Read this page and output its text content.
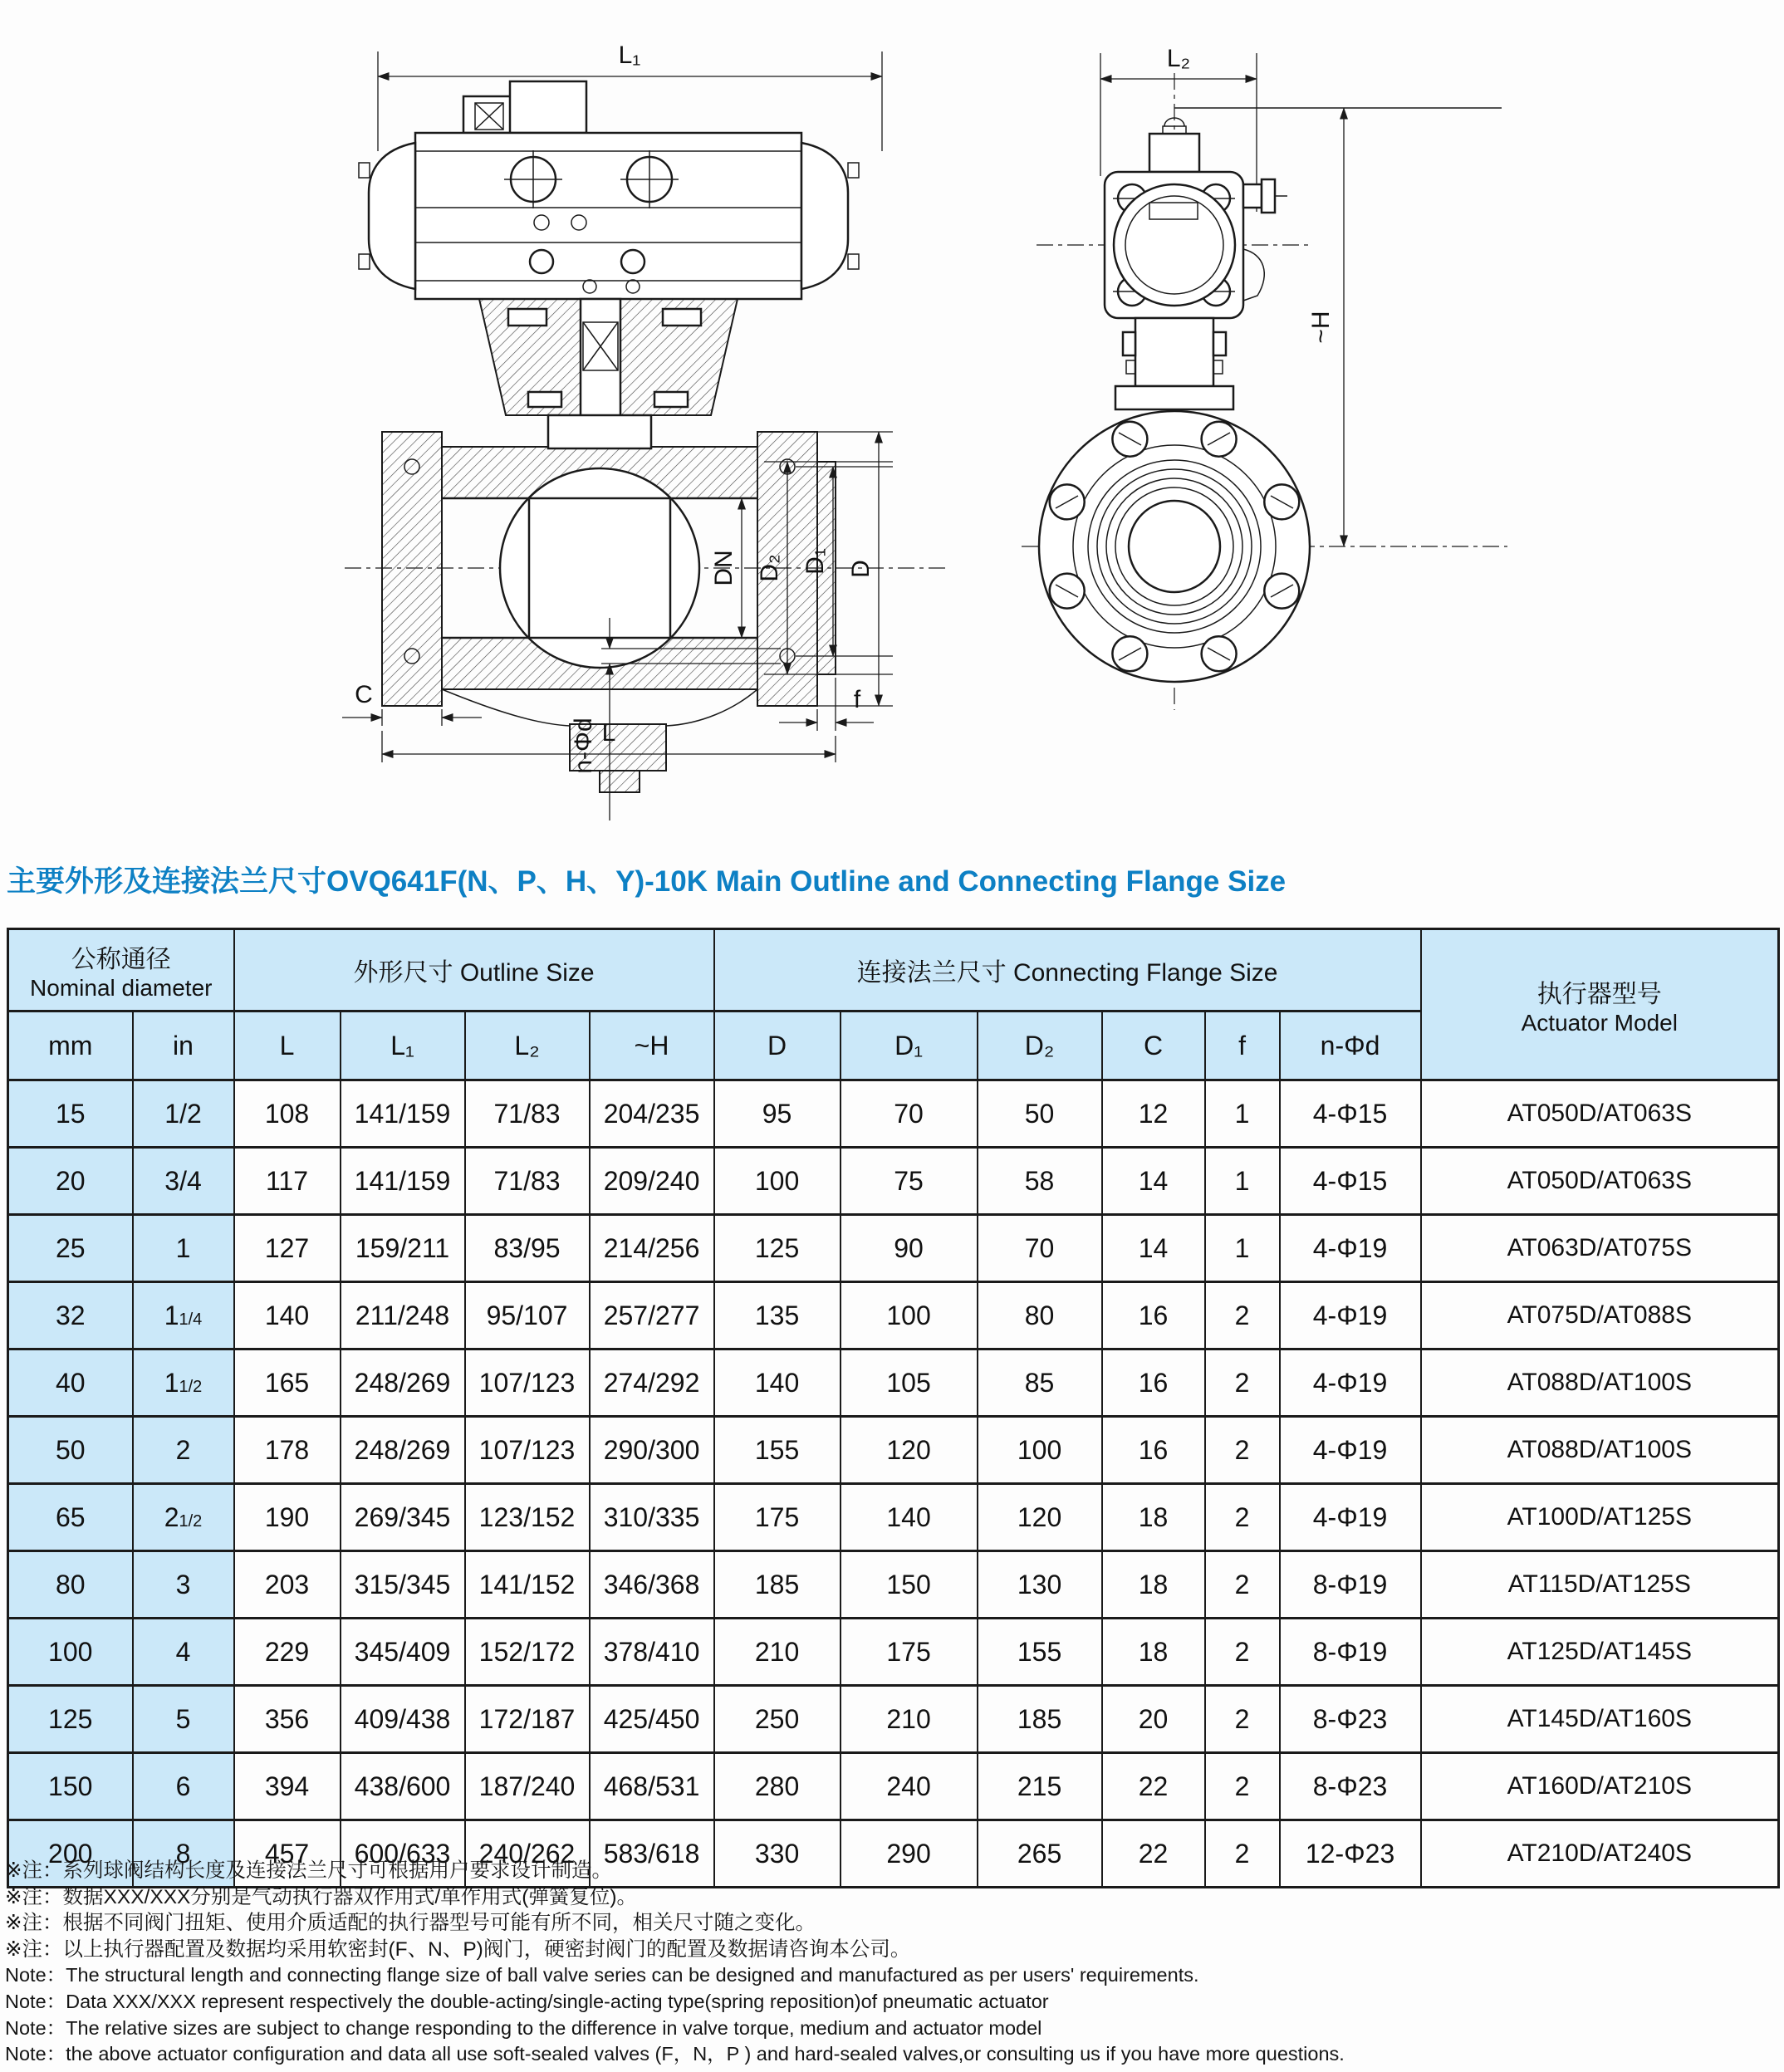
L₁
DN D₂ D₁ D
C
n-Φd
f
L
L₂
~H
主要外形及连接法兰尺寸OVQ641F(N、P、H、Y)-10K Main Outline and Connecting Flange Size
公称通径
Nominal diameter		外形尺寸 Outline Size				连接法兰尺寸 Connecting Flange Size						执行器型号
Actuator Model

mm	in	L	L₁	L₂	~H	D	D₁	D₂	C	f	n-Φd	
15	1/2	108	141/159	71/83	204/235	95	70	50	12	1	4-Φ15	AT050D/AT063S
20	3/4	117	141/159	71/83	209/240	100	75	58	14	1	4-Φ15	AT050D/AT063S
25	1	127	159/211	83/95	214/256	125	90	70	14	1	4-Φ19	AT063D/AT075S
32	11/4	140	211/248	95/107	257/277	135	100	80	16	2	4-Φ19	AT075D/AT088S
40	11/2	165	248/269	107/123	274/292	140	105	85	16	2	4-Φ19	AT088D/AT100S
50	2	178	248/269	107/123	290/300	155	120	100	16	2	4-Φ19	AT088D/AT100S
65	21/2	190	269/345	123/152	310/335	175	140	120	18	2	4-Φ19	AT100D/AT125S
80	3	203	315/345	141/152	346/368	185	150	130	18	2	8-Φ19	AT115D/AT125S
100	4	229	345/409	152/172	378/410	210	175	155	18	2	8-Φ19	AT125D/AT145S
125	5	356	409/438	172/187	425/450	250	210	185	20	2	8-Φ23	AT145D/AT160S
150	6	394	438/600	187/240	468/531	280	240	215	22	2	8-Φ23	AT160D/AT210S
200	8	457	600/633	240/262	583/618	330	290	265	22	2	12-Φ23	AT210D/AT240S
※注：系列球阀结构长度及连接法兰尺寸可根据用户要求设计制造。
※注：数据XXX/XXX分别是气动执行器双作用式/单作用式(弹簧复位)。
※注：根据不同阀门扭矩、使用介质适配的执行器型号可能有所不同，相关尺寸随之变化。
※注：以上执行器配置及数据均采用软密封(F、N、P)阀门，硬密封阀门的配置及数据请咨询本公司。
Note：The structural length and connecting flange size of ball valve series can be designed and manufactured as per users' requirements.
Note：Data XXX/XXX represent respectively the double-acting/single-acting type(spring reposition)of pneumatic actuator
Note：The relative sizes are subject to change responding to the difference in valve torque, medium and actuator model
Note：the above actuator configuration and data all use soft-sealed valves (F，N，P ) and hard-sealed valves,or consulting us if you have more questions.
